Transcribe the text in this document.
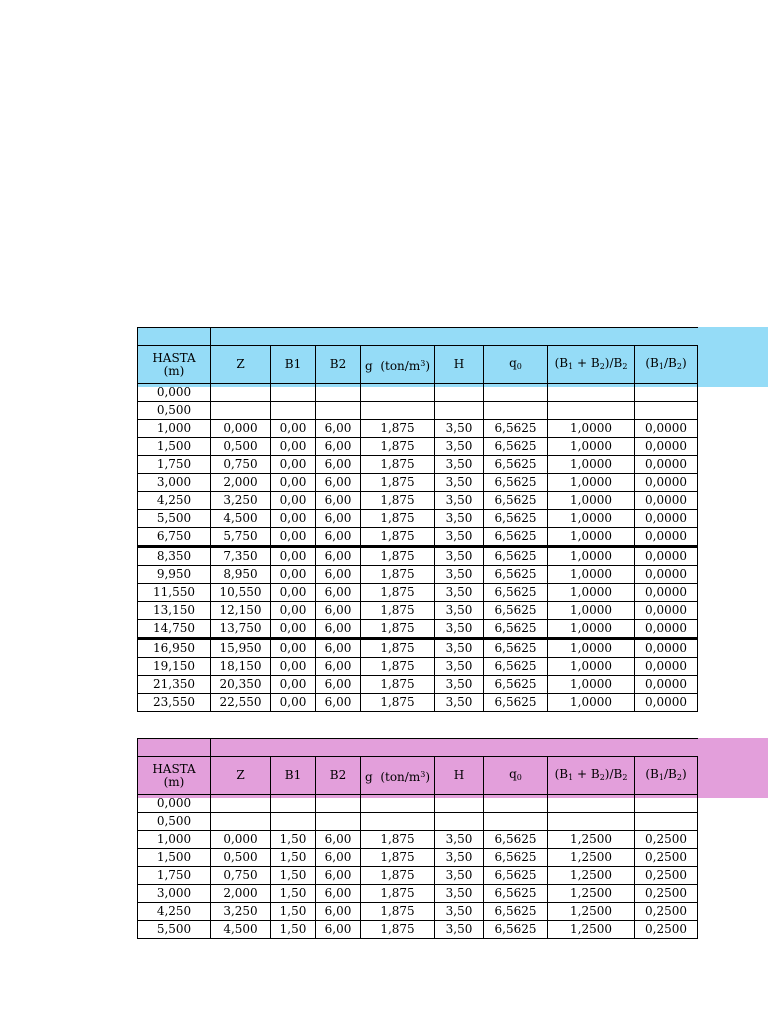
HASTA
(m)	Z	B1	B2	g $(ton/m^3)$	H	$q_0$	$(B_1 + B_2)/B_2$	$(B_1/B_2)$
0,000								
0,500								
1,000	0,000	0,00	6,00	1,875	3,50	6,5625	1,0000	0,0000
1,500	0,500	0,00	6,00	1,875	3,50	6,5625	1,0000	0,0000
1,750	0,750	0,00	6,00	1,875	3,50	6,5625	1,0000	0,0000
3,000	2,000	0,00	6,00	1,875	3,50	6,5625	1,0000	0,0000
4,250	3,250	0,00	6,00	1,875	3,50	6,5625	1,0000	0,0000
5,500	4,500	0,00	6,00	1,875	3,50	6,5625	1,0000	0,0000
6,750	5,750	0,00	6,00	1,875	3,50	6,5625	1,0000	0,0000
8,350	7,350	0,00	6,00	1,875	3,50	6,5625	1,0000	0,0000
9,950	8,950	0,00	6,00	1,875	3,50	6,5625	1,0000	0,0000
11,550	10,550	0,00	6,00	1,875	3,50	6,5625	1,0000	0,0000
13,150	12,150	0,00	6,00	1,875	3,50	6,5625	1,0000	0,0000
14,750	13,750	0,00	6,00	1,875	3,50	6,5625	1,0000	0,0000
16,950	15,950	0,00	6,00	1,875	3,50	6,5625	1,0000	0,0000
19,150	18,150	0,00	6,00	1,875	3,50	6,5625	1,0000	0,0000
21,350	20,350	0,00	6,00	1,875	3,50	6,5625	1,0000	0,0000
23,550	22,550	0,00	6,00	1,875	3,50	6,5625	1,0000	0,0000

HASTA
(m)	Z	B1	B2	g $(ton/m^3)$	H	$q_0$	$(B_1 + B_2)/B_2$	$(B_1/B_2)$
0,000								
0,500								
1,000	0,000	1,50	6,00	1,875	3,50	6,5625	1,2500	0,2500
1,500	0,500	1,50	6,00	1,875	3,50	6,5625	1,2500	0,2500
1,750	0,750	1,50	6,00	1,875	3,50	6,5625	1,2500	0,2500
3,000	2,000	1,50	6,00	1,875	3,50	6,5625	1,2500	0,2500
4,250	3,250	1,50	6,00	1,875	3,50	6,5625	1,2500	0,2500
5,500	4,500	1,50	6,00	1,875	3,50	6,5625	1,2500	0,2500
